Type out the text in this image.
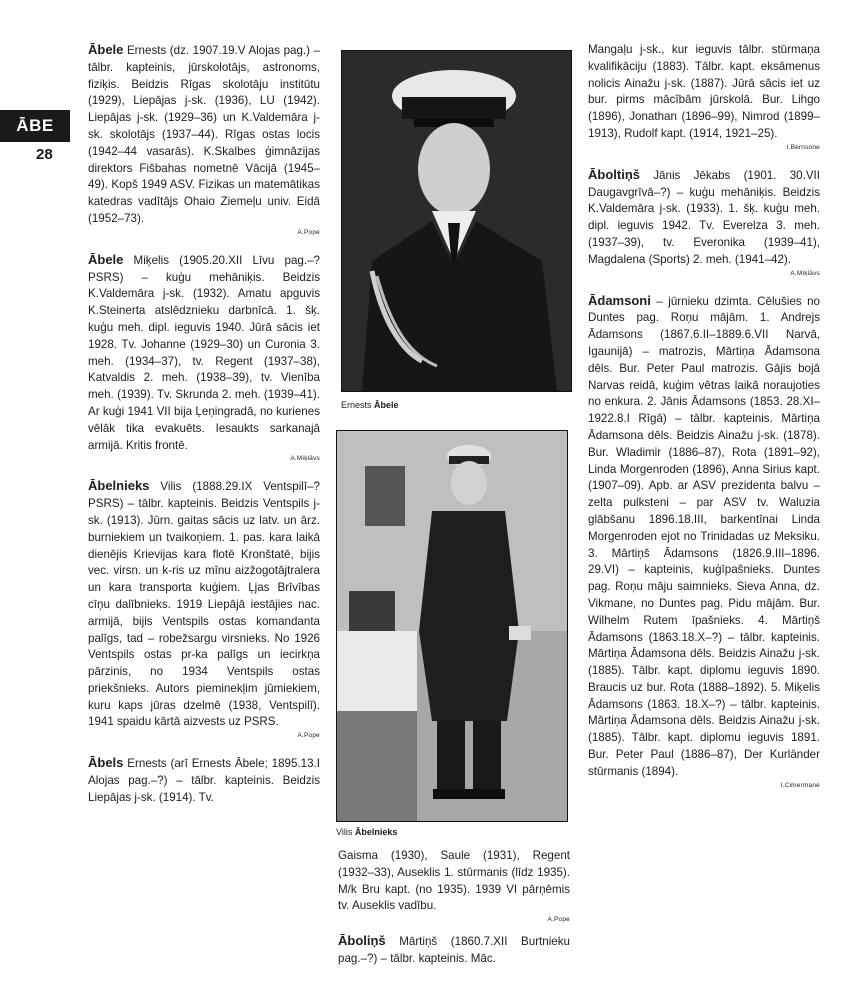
ĀBE
28

Ābele Ernests (dz. 1907.19.V Alojas pag.) – tālbr. kapteinis, jūrskolotājs, astronoms, fiziķis. Beidzis Rīgas skolotāju institūtu (1929), Liepājas j-sk. (1936), LU (1942). Liepājas j-sk. (1929–36) un K.Valdemāra j-sk. skolotājs (1937–44). Rīgas ostas locis (1942–44 vasarās). K.Skalbes ģimnāzijas direktors Fišbahas nometnē Vācijā (1945–49). Kopš 1949 ASV. Fizikas un matemātikas katedras vadītājs Ohaio Ziemeļu univ. Eidā (1952–73).
A.Pope

Ābele Miķelis (1905.20.XII Līvu pag.–? PSRS) – kuģu mehāniķis. Beidzis K.Valdemāra j-sk. (1932). Amatu apguvis K.Steinerta atslēdznieku darbnīcā. 1. šķ. kuģu meh. dipl. ieguvis 1940. Jūrā sācis iet 1928. Tv. Johanne (1929–30) un Curonia 3. meh. (1934–37), tv. Regent (1937–38), Katvaldis 2. meh. (1938–39), tv. Vienība meh. (1939). Tv. Skrunda 2. meh. (1939–41). Ar kuģi 1941 VII bija Ļeņingradā, no kurienes vēlāk tika evakuēts. Iesaukts sarkanajā armijā. Kritis frontē.
A.Miķlāvs

Ābelnieks Vilis (1888.29.IX Ventspilī–? PSRS) – tālbr. kapteinis. Beidzis Ventspils j-sk. (1913). Jūrn. gaitas sācis uz latv. un ārz. burniekiem un tvaikoņiem. 1. pas. kara laikā dienējis Krievijas kara flotē Kronštatē, bijis vec. virsn. un k-ris uz mīnu aizžogotājtralera un kara transporta kuģiem. Ļjas Brīvības cīņu dalībnieks. 1919 Liepājā iestājies nac. armijā, bijis Ventspils ostas komandanta palīgs, tad – robežsargu virsnieks. No 1926 Ventspils ostas pr-ka palīgs un iecirkņa pārzinis, no 1934 Ventspils ostas priekšnieks. Autors pieminekļim jūmiekiem, kuru kaps jūras dzelmē (1938, Ventspilī). 1941 spaidu kārtā aizvests uz PSRS.
A.Pope

Ābels Ernests (arī Ernests Ābele; 1895.13.I Alojas pag.–?) – tālbr. kapteinis. Beidzis Liepājas j-sk. (1914). Tv.

Ernests Ābele
Vilis Ābelnieks

Gaisma (1930), Saule (1931), Regent (1932–33), Auseklis 1. stūrmanis (līdz 1935). M/k Bru kapt. (no 1935). 1939 VI pārņēmis tv. Auseklis vadību.
A.Pope

Āboliņš Mārtiņš (1860.7.XII Burtnieku pag.–?) – tālbr. kapteinis. Māc.

Mangaļu j-sk., kur ieguvis tālbr. stūrmaņa kvalifikāciju (1883). Tālbr. kapt. eksāmenus nolicis Ainažu j-sk. (1887). Jūrā sācis iet uz bur. pirms mācībām jūrskolā. Bur. Lihgo (1896), Jonathan (1896–99), Nimrod (1899–1913), Rudolf kapt. (1914, 1921–25).
I.Bernsone

Āboltiņš Jānis Jēkabs (1901. 30.VII Daugavgrīvā–?) – kuģu mehāniķis. Beidzis K.Valdemāra j-sk. (1933). 1. šķ. kuģu meh. dipl. ieguvis 1942. Tv. Everelza 3. meh. (1937–39), tv. Everonika (1939–41), Magdalena (Sports) 2. meh. (1941–42).
A.Miķlāvs

Ādamsoni – jūrnieku dzimta. Cēlušies no Duntes pag. Roņu mājām. 1. Andrejs Ādamsons (1867.6.II–1889.6.VII Narvā, Igaunijā) – matrozis, Mārtiņa Ādamsona dēls. Bur. Peter Paul matrozis. Gājis bojā Narvas reidā, kuģim vētras laikā noraujoties no enkura. 2. Jānis Ādamsons (1853. 28.XI–1922.8.I Rīgā) – tālbr. kapteinis. Mārtiņa Ādamsona dēls. Beidzis Ainažu j-sk. (1878). Bur. Wladimir (1886–87), Rota (1891–92), Linda Morgenroden (1896), Anna Sirius kapt. (1907–09). Apb. ar ASV prezidenta balvu – zelta pulksteni – par ASV tv. Waluzia glābšanu 1896.18.III, barkentīnai Linda Morgenroden ejot no Trinidadas uz Meksiku. 3. Mārtiņš Ādamsons (1826.9.III–1896. 29.VI) – kapteinis, kuģīpašnieks. Duntes pag. Roņu māju saimnieks. Sieva Anna, dz. Vikmane, no Duntes pag. Pidu mājām. Bur. Wilhelm Rutem īpašnieks. 4. Mārtiņš Ādamsons (1863.18.X–?) – tālbr. kapteinis. Mārtiņa Ādamsona dēls. Beidzis Ainažu j-sk. (1885). Tālbr. kapt. diplomu ieguvis 1890. Braucis uz bur. Rota (1888–1892). 5. Miķelis Ādamsons (1863. 18.X–?) – tālbr. kapteinis. Mārtiņa Ādamsona dēls. Beidzis Ainažu j-sk. (1885). Tālbr. kapt. diplomu ieguvis 1891. Bur. Peter Paul (1886–87), Der Kurländer stūrmanis (1894).
I.Cimermane
